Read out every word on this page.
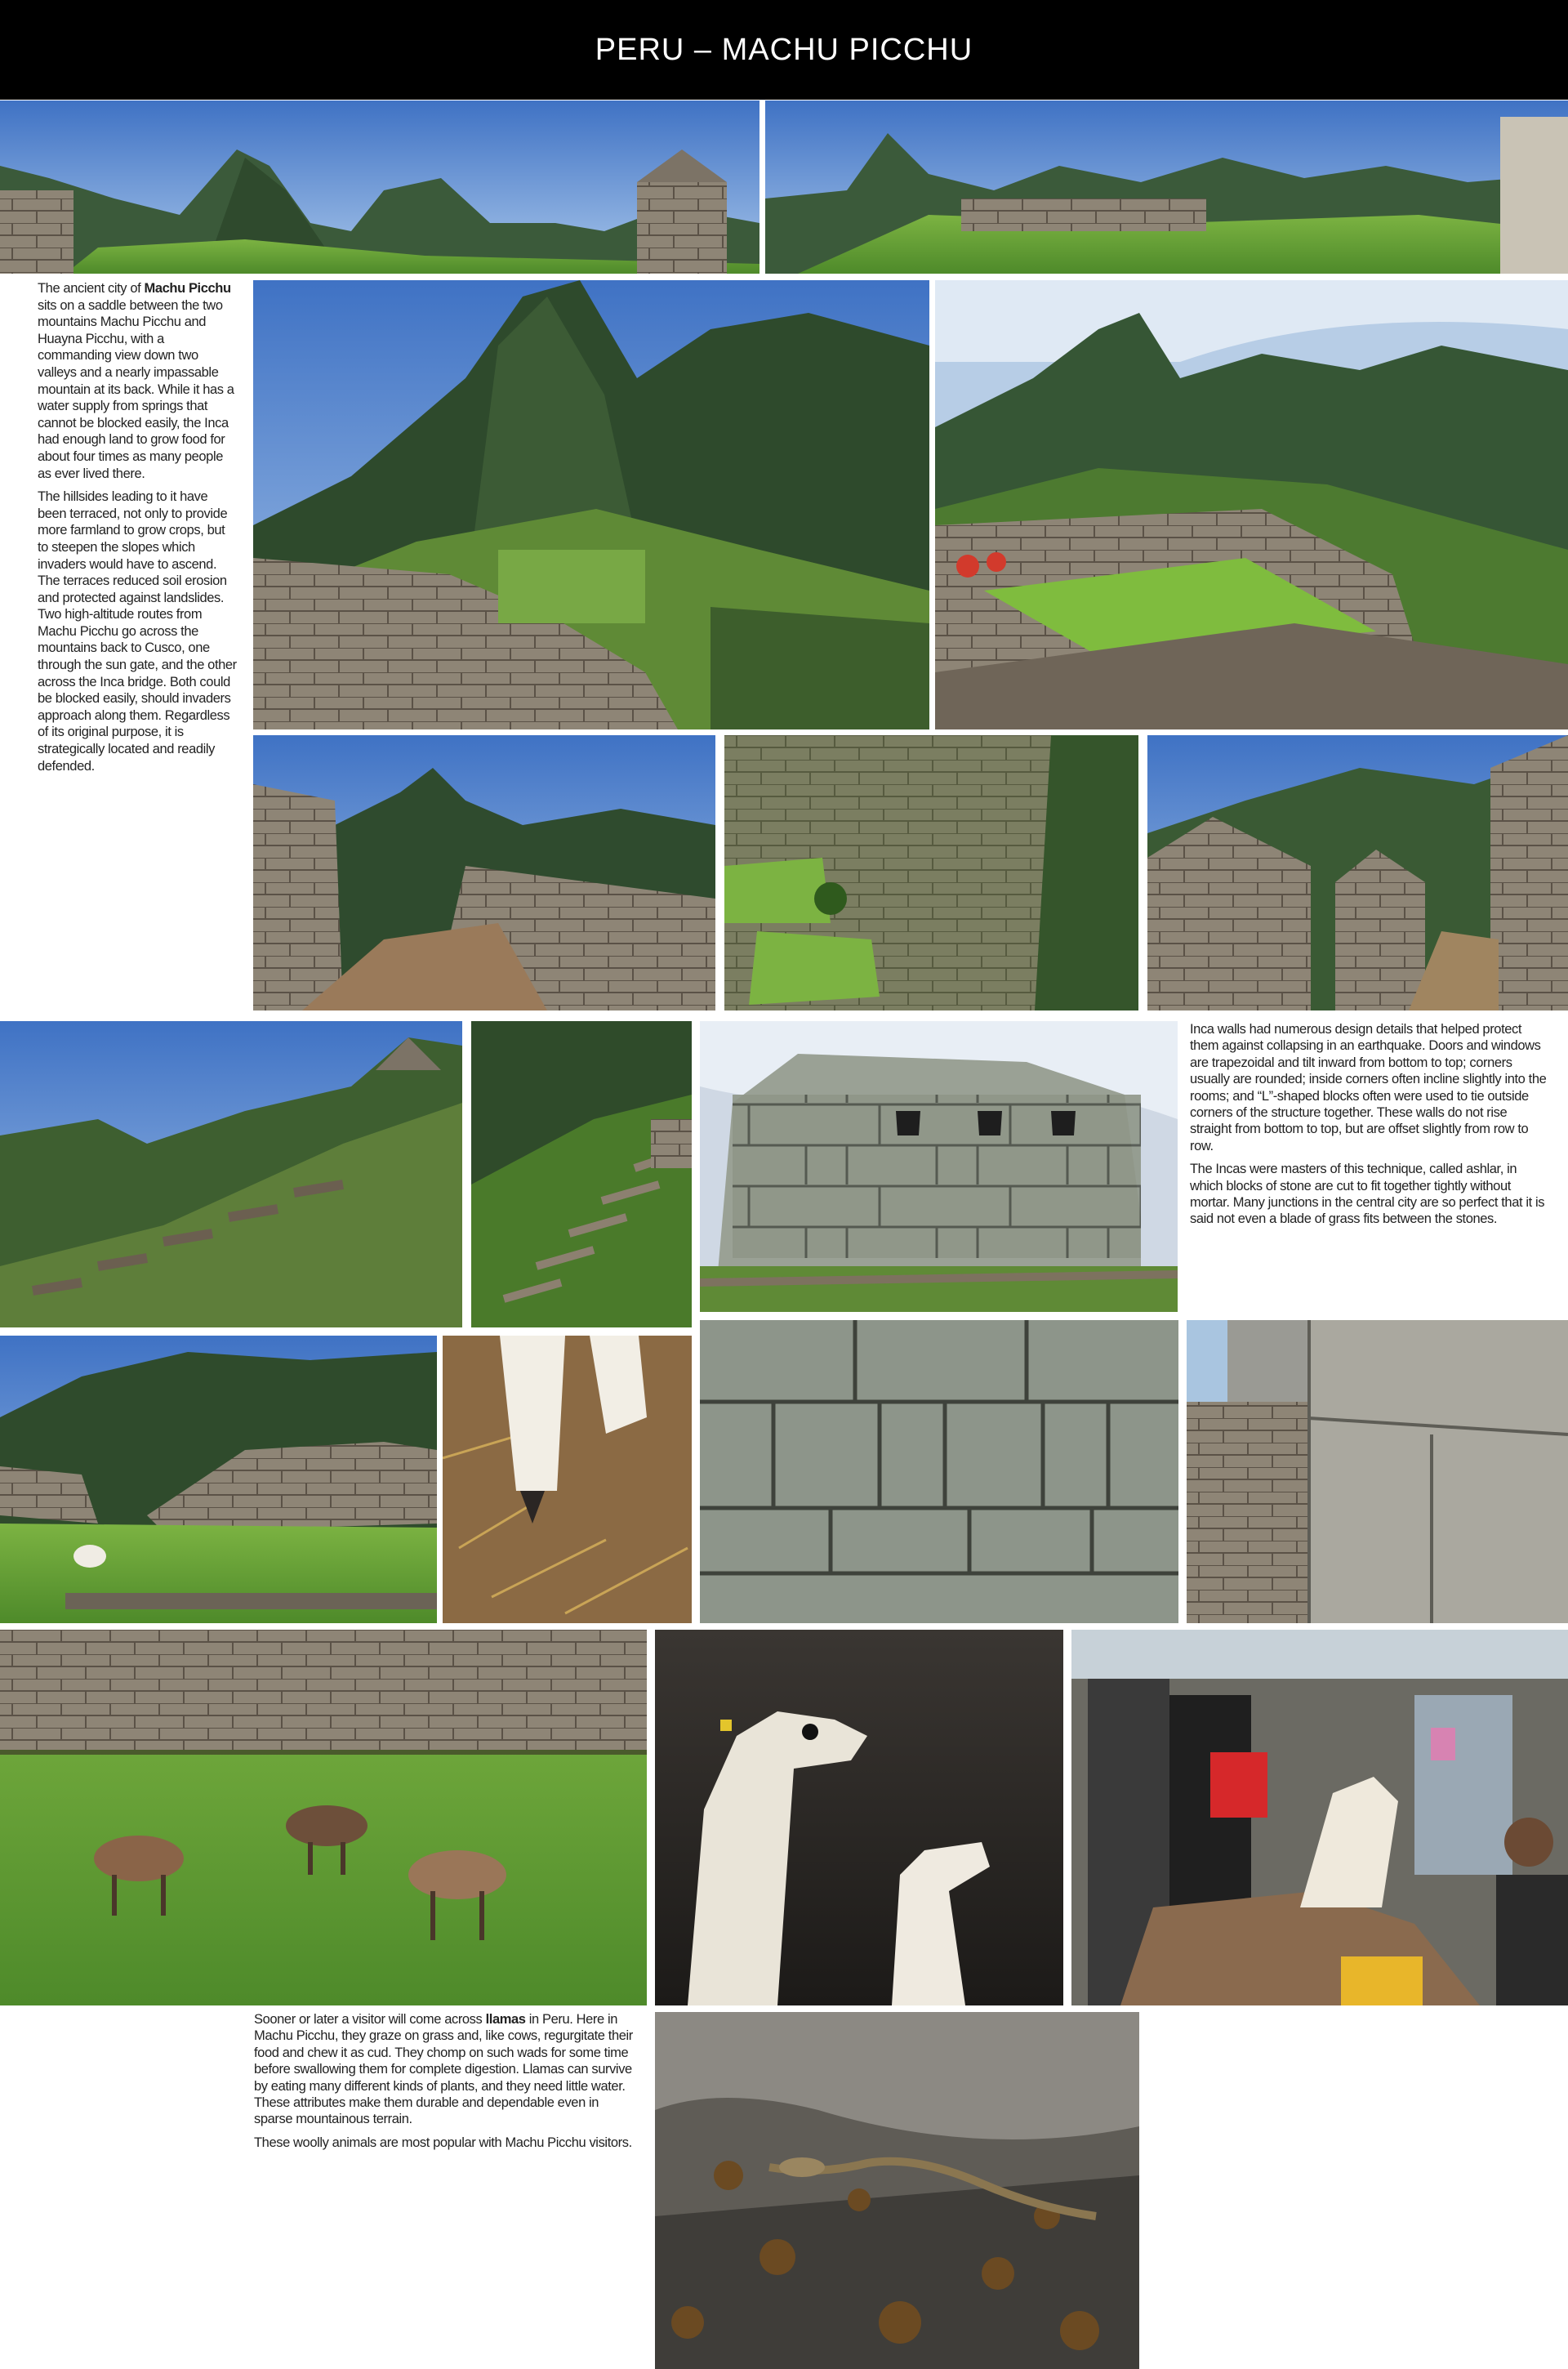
PERU – MACHU PICCHU

The ancient city of Machu Picchu sits on a saddle between the two mountains Machu Picchu and Huayna Picchu, with a commanding view down two valleys and a nearly impassable mountain at its back. While it has a water supply from springs that cannot be blocked easily, the Inca had enough land to grow food for about four times as many people as ever lived there.

The hillsides leading to it have been terraced, not only to provide more farmland to grow crops, but to steepen the slopes which invaders would have to ascend. The terraces reduced soil erosion and protected against landslides. Two high-altitude routes from Machu Picchu go across the mountains back to Cusco, one through the sun gate, and the other across the Inca bridge. Both could be blocked easily, should invaders approach along them. Regardless of its original purpose, it is strategically located and readily defended.

Inca walls had numerous design details that helped protect them against collapsing in an earthquake. Doors and windows are trapezoidal and tilt inward from bottom to top; corners usually are rounded; inside corners often incline slightly into the rooms; and “L”-shaped blocks often were used to tie outside corners of the structure together. These walls do not rise straight from bottom to top, but are offset slightly from row to row.

The Incas were masters of this technique, called ashlar, in which blocks of stone are cut to fit together tightly without mortar. Many junctions in the central city are so perfect that it is said not even a blade of grass fits between the stones.

Sooner or later a visitor will come across llamas in Peru. Here in Machu Picchu, they graze on grass and, like cows, regurgitate their food and chew it as cud. They chomp on such wads for some time before swallowing them for complete digestion. Llamas can survive by eating many different kinds of plants, and they need little water. These attributes make them durable and dependable even in sparse mountainous terrain.

These woolly animals are most popular with Machu Picchu visitors.
